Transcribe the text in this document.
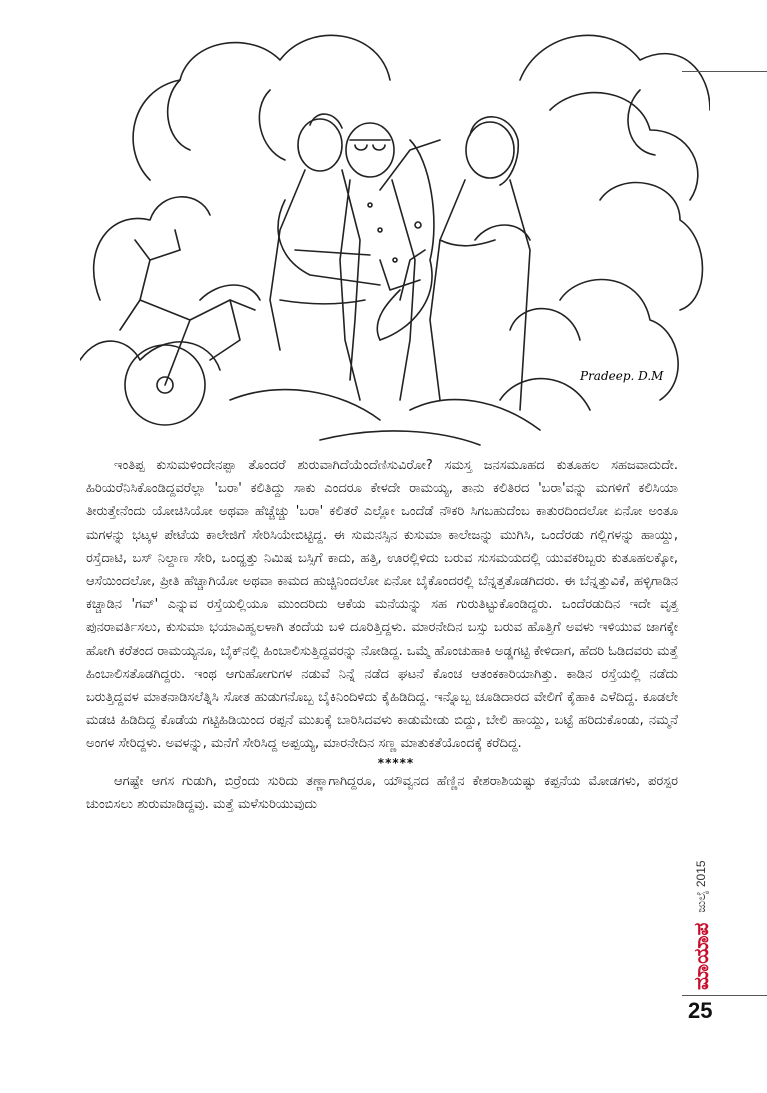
Pradeep. D.M

ಇಂತಿಪ್ಪ ಕುಸುಮಳಿಂದೇನಪ್ಪಾ ತೊಂದರೆ ಶುರುವಾಗಿದೆಯೆಂದೆಣಿಸುವಿರೋ? ಸಮಸ್ತ ಜನಸಮೂಹದ ಕುತೂಹಲ ಸಹಜವಾದುದೇ. ಹಿರಿಯರೆನಿಸಿಕೊಂಡಿದ್ದವರೆಲ್ಲಾ 'ಬರಾ' ಕಲಿತಿದ್ದು ಸಾಕು ಎಂದರೂ ಕೇಳದೇ ರಾಮಯ್ಯ, ತಾನು ಕಲಿತಿರದ 'ಬರಾ'ವನ್ನು ಮಗಳಿಗೆ ಕಲಿಸಿಯಾ ತೀರುತ್ತೇನೆಂದು ಯೋಚಿಸಿಯೋ ಅಥವಾ ಹೆಚ್ಚೆಚ್ಚು 'ಬರಾ' ಕಲಿತರೆ ಎಲ್ಲೋ ಒಂದೆಡೆ ನೌಕರಿ ಸಿಗಬಹುದೆಂಬ ಕಾತುರದಿಂದಲೋ ಏನೋ ಅಂತೂ ಮಗಳನ್ನು ಭಟ್ಕಳ ಪೇಟೆಯ ಕಾಲೇಜಿಗೆ ಸೇರಿಸಿಯೇಬಿಟ್ಟಿದ್ದ. ಈ ಸುಮನಸ್ಸಿನ ಕುಸುಮಾ ಕಾಲೇಜನ್ನು ಮುಗಿಸಿ, ಒಂದೆರಡು ಗಲ್ಲಿಗಳನ್ನು ಹಾಯ್ದು, ರಸ್ತೆದಾಟಿ, ಬಸ್ ನಿಲ್ದಾಣ ಸೇರಿ, ಒಂದ್ಹತ್ತು ನಿಮಿಷ ಬಸ್ಸಿಗೆ ಕಾದು, ಹತ್ತಿ, ಊರಲ್ಲಿಳಿದು ಬರುವ ಸುಸಮಯದಲ್ಲಿ ಯುವಕರಿಬ್ಬರು ಕುತೂಹಲಕ್ಕೋ, ಆಸೆಯಿಂದಲೋ, ಪ್ರೀತಿ ಹೆಚ್ಚಾಗಿಯೋ ಅಥವಾ ಕಾಮದ ಹುಚ್ಚಿನಿಂದಲೋ ಏನೋ ಬೈಕೊಂದರಲ್ಲಿ ಬೆನ್ನತ್ತತೊಡಗಿದರು. ಈ ಬೆನ್ನತ್ತುವಿಕೆ, ಹಳ್ಳಿಗಾಡಿನ ಕಚ್ಚಾಡಿನ 'ಗವ್' ಎನ್ನುವ ರಸ್ತೆಯಲ್ಲಿಯೂ ಮುಂದರಿದು ಆಕೆಯ ಮನೆಯನ್ನು ಸಹ ಗುರುತಿಟ್ಟುಕೊಂಡಿದ್ದರು. ಒಂದೆರಡುದಿನ ಇದೇ ವೃತ್ತ ಪುನರಾವರ್ತಿಸಲು, ಕುಸುಮಾ ಭಯಾವಿಹ್ವಲಳಾಗಿ ತಂದೆಯ ಬಳಿ ದೂರಿತ್ತಿದ್ದಳು. ಮಾರನೇದಿನ ಬಸ್ಸು ಬರುವ ಹೊತ್ತಿಗೆ ಅವಳು ಇಳಿಯುವ ಜಾಗಕ್ಕೇ ಹೋಗಿ ಕರೆತಂದ ರಾಮಯ್ಯನೂ, ಬೈಕ್‌ನಲ್ಲಿ ಹಿಂಬಾಲಿಸುತ್ತಿದ್ದವರನ್ನು ನೋಡಿದ್ದ. ಒಮ್ಮೆ ಹೊಂಚುಹಾಕಿ ಅಡ್ಡಗಟ್ಟಿ ಕೇಳಿದಾಗ, ಹೆದರಿ ಓಡಿದವರು ಮತ್ತೆ ಹಿಂಬಾಲಿಸತೊಡಗಿದ್ದರು. ಇಂಥ ಆಗುಹೋಗುಗಳ ನಡುವೆ ನಿನ್ನೆ ನಡೆದ ಘಟನೆ ಕೊಂಚ ಆತಂಕಕಾರಿಯಾಗಿತ್ತು. ಕಾಡಿನ ರಸ್ತೆಯಲ್ಲಿ ನಡೆದು ಬರುತ್ತಿದ್ದವಳ ಮಾತನಾಡಿಸಲೆತ್ನಿಸಿ ಸೋತ ಹುಡುಗನೊಬ್ಬ ಬೈಕಿನಿಂದಿಳಿದು ಕೈಹಿಡಿದಿದ್ದ. ಇನ್ನೊಬ್ಬ ಚೂಡಿದಾರದ ವೇಲಿಗೆ ಕೈಹಾಕಿ ಎಳೆದಿದ್ದ. ಕೂಡಲೇ ಮಡಚಿ ಹಿಡಿದಿದ್ದ ಕೊಡೆಯ ಗಟ್ಟಿಹಿಡಿಯಿಂದ ರಪ್ಪನೆ ಮುಖಕ್ಕೆ ಬಾರಿಸಿದವಳು ಕಾಡುಮೇಡು ಬಿದ್ದು, ಬೇಲಿ ಹಾಯ್ದು, ಬಟ್ಟೆ ಹರಿದುಕೊಂಡು, ನಮ್ಮನೆ ಅಂಗಳ ಸೇರಿದ್ದಳು. ಅವಳನ್ನು, ಮನೆಗೆ ಸೇರಿಸಿದ್ದ ಅಪ್ಪಯ್ಯ, ಮಾರನೇದಿನ ಸಣ್ಣ ಮಾತುಕತೆಯೊಂದಕ್ಕೆ ಕರೆದಿದ್ದ.

*****

ಆಗಷ್ಟೇ ಆಗಸ ಗುಡುಗಿ, ಬಿರ್ರೆಂದು ಸುರಿದು ತಣ್ಣಾಗಾಗಿದ್ದರೂ, ಯೌವ್ವನದ ಹೆಣ್ಣಿನ ಕೇಶರಾಶಿಯಷ್ಟು ಕಪ್ಪನೆಯ ಮೋಡಗಳು, ಪರಸ್ಪರ ಚುಂಬಿಸಲು ಶುರುಮಾಡಿದ್ದವು. ಮತ್ತೆ ಮಳೆಸುರಿಯುವುದು

ಮಾಯಾಪ
ಜುಲೈ 2015
25
